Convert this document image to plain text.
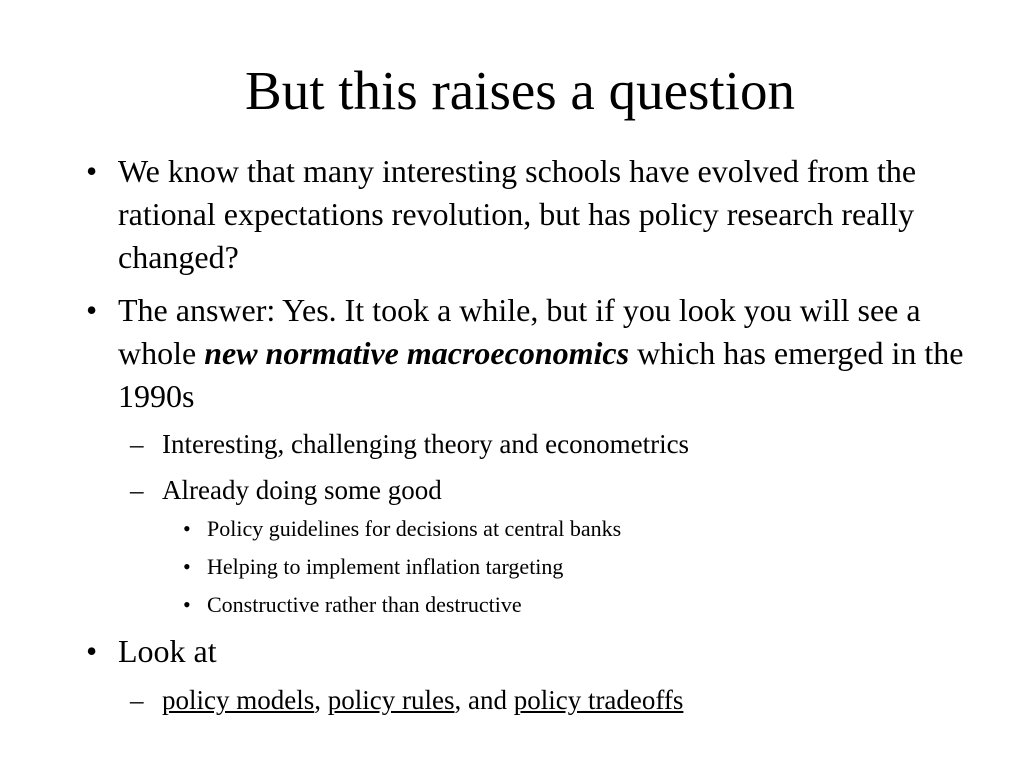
But this raises a question
• We know that many interesting schools have evolved from the rational expectations revolution, but has policy research really changed?
• The answer: Yes. It took a while, but if you look you will see a whole new normative macroeconomics which has emerged in the 1990s
– Interesting, challenging theory and econometrics
– Already doing some good
• Policy guidelines for decisions at central banks
• Helping to implement inflation targeting
• Constructive rather than destructive
• Look at
– policy models, policy rules, and policy tradeoffs
